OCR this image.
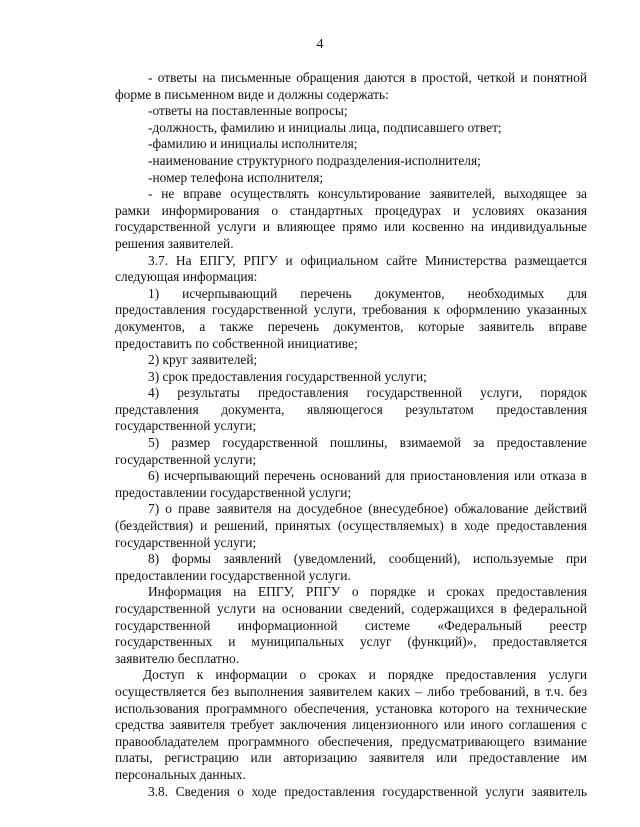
4
- ответы на письменные обращения даются в простой, четкой и понятной
форме в письменном виде и должны содержать:
-ответы на поставленные вопросы;
-должность, фамилию и инициалы лица, подписавшего ответ;
-фамилию и инициалы исполнителя;
-наименование структурного подразделения-исполнителя;
-номер телефона исполнителя;
- не вправе осуществлять консультирование заявителей, выходящее за
рамки информирования о стандартных процедурах и условиях оказания
государственной услуги и влияющее прямо или косвенно на индивидуальные
решения заявителей.
3.7. На ЕПГУ, РПГУ и официальном сайте Министерства размещается
следующая информация:
1) исчерпывающий перечень документов, необходимых для
предоставления государственной услуги, требования к оформлению указанных
документов, а также перечень документов, которые заявитель вправе
предоставить по собственной инициативе;
2) круг заявителей;
3) срок предоставления государственной услуги;
4) результаты предоставления государственной услуги, порядок
представления документа, являющегося результатом предоставления
государственной услуги;
5) размер государственной пошлины, взимаемой за предоставление
государственной услуги;
6) исчерпывающий перечень оснований для приостановления или отказа в
предоставлении государственной услуги;
7) о праве заявителя на досудебное (внесудебное) обжалование действий
(бездействия) и решений, принятых (осуществляемых) в ходе предоставления
государственной услуги;
8) формы заявлений (уведомлений, сообщений), используемые при
предоставлении государственной услуги.
Информация на ЕПГУ, РПГУ о порядке и сроках предоставления
государственной услуги на основании сведений, содержащихся в федеральной
государственной информационной системе «Федеральный реестр
государственных и муниципальных услуг (функций)», предоставляется
заявителю бесплатно.
Доступ к информации о сроках и порядке предоставления услуги
осуществляется без выполнения заявителем каких – либо требований, в т.ч. без
использования программного обеспечения, установка которого на технические
средства заявителя требует заключения лицензионного или иного соглашения с
правообладателем программного обеспечения, предусматривающего взимание
платы, регистрацию или авторизацию заявителя или предоставление им
персональных данных.
3.8. Сведения о ходе предоставления государственной услуги заявитель
